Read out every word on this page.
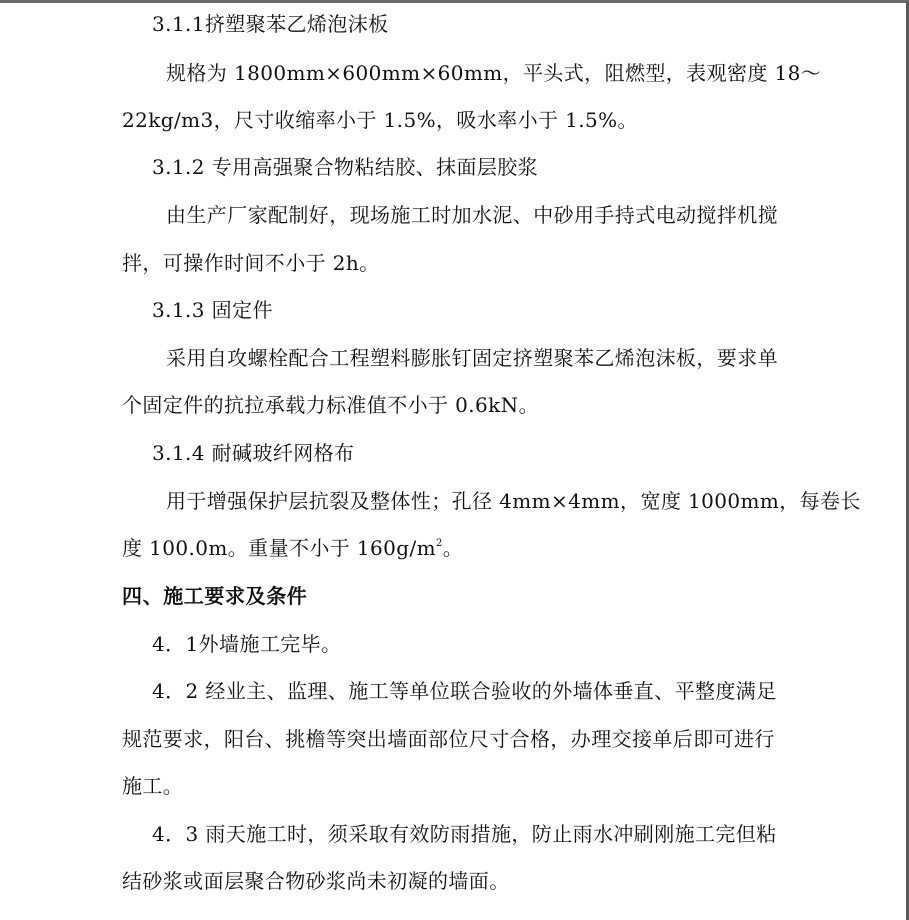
3.1.1挤塑聚苯乙烯泡沫板
规格为 1800mm×600mm×60mm，平头式，阻燃型，表观密度 18～
22kg/m3，尺寸收缩率小于 1.5%，吸水率小于 1.5%。
3.1.2 专用高强聚合物粘结胶、抹面层胶浆
由生产厂家配制好，现场施工时加水泥、中砂用手持式电动搅拌机搅
拌，可操作时间不小于 2h。
3.1.3 固定件
采用自攻螺栓配合工程塑料膨胀钉固定挤塑聚苯乙烯泡沫板，要求单
个固定件的抗拉承载力标准值不小于 0.6kN。
3.1.4 耐碱玻纤网格布
用于增强保护层抗裂及整体性；孔径 4mm×4mm，宽度 1000mm，每卷长
度 100.0m。重量不小于 $160g/m^2$。
四、施工要求及条件
4．1外墙施工完毕。
4．2 经业主、监理、施工等单位联合验收的外墙体垂直、平整度满足
规范要求，阳台、挑檐等突出墙面部位尺寸合格，办理交接单后即可进行
施工。
4．3 雨天施工时，须采取有效防雨措施，防止雨水冲刷刚施工完但粘
结砂浆或面层聚合物砂浆尚未初凝的墙面。
